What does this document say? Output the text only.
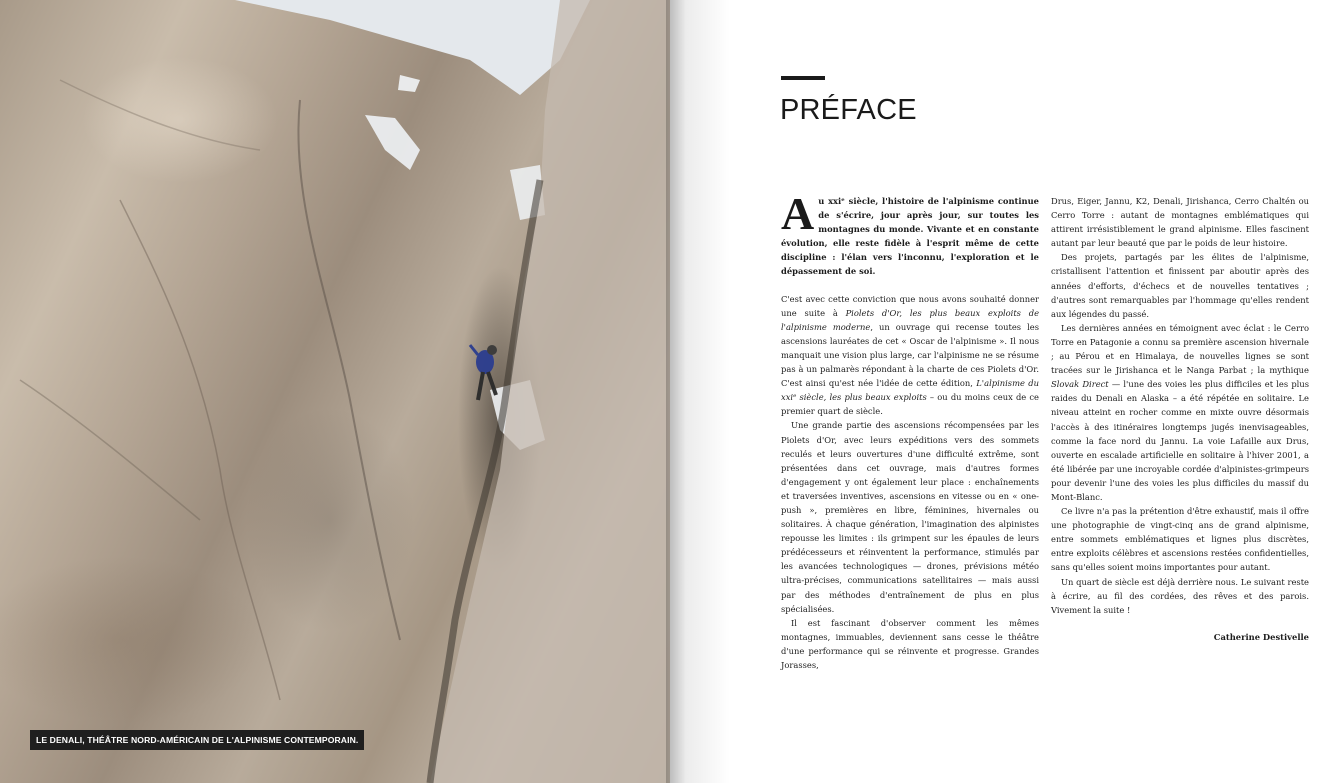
LE DENALI, THÉÂTRE NORD-AMÉRICAIN DE L'ALPINISME CONTEMPORAIN.
PRÉFACE

Au xxiᵉ siècle, l'histoire de l'alpinisme continue de s'écrire, jour après jour, sur toutes les montagnes du monde. Vivante et en constante évolution, elle reste fidèle à l'esprit même de cette discipline : l'élan vers l'inconnu, l'exploration et le dépassement de soi.

C'est avec cette conviction que nous avons souhaité donner une suite à Piolets d'Or, les plus beaux exploits de l'alpinisme moderne, un ouvrage qui recense toutes les ascensions lauréates de cet « Oscar de l'alpinisme ». Il nous manquait une vision plus large, car l'alpinisme ne se résume pas à un palmarès répondant à la charte de ces Piolets d'Or. C'est ainsi qu'est née l'idée de cette édition, L'alpinisme du xxiᵉ siècle, les plus beaux exploits – ou du moins ceux de ce premier quart de siècle.

Une grande partie des ascensions récompensées par les Piolets d'Or, avec leurs expéditions vers des sommets reculés et leurs ouvertures d'une difficulté extrême, sont présentées dans cet ouvrage, mais d'autres formes d'engagement y ont également leur place : enchaînements et traversées inventives, ascensions en vitesse ou en « one-push », premières en libre, féminines, hivernales ou solitaires. À chaque génération, l'imagination des alpinistes repousse les limites : ils grimpent sur les épaules de leurs prédécesseurs et réinventent la performance, stimulés par les avancées technologiques — drones, prévisions météo ultra-précises, communications satellitaires — mais aussi par des méthodes d'entraînement de plus en plus spécialisées.

Il est fascinant d'observer comment les mêmes montagnes, immuables, deviennent sans cesse le théâtre d'une performance qui se réinvente et progresse. Grandes Jorasses,

Drus, Eiger, Jannu, K2, Denali, Jirishanca, Cerro Chaltén ou Cerro Torre : autant de montagnes emblématiques qui attirent irrésistiblement le grand alpinisme. Elles fascinent autant par leur beauté que par le poids de leur histoire.

Des projets, partagés par les élites de l'alpinisme, cristallisent l'attention et finissent par aboutir après des années d'efforts, d'échecs et de nouvelles tentatives ; d'autres sont remarquables par l'hommage qu'elles rendent aux légendes du passé.

Les dernières années en témoignent avec éclat : le Cerro Torre en Patagonie a connu sa première ascension hivernale ; au Pérou et en Himalaya, de nouvelles lignes se sont tracées sur le Jirishanca et le Nanga Parbat ; la mythique Slovak Direct — l'une des voies les plus difficiles et les plus raides du Denali en Alaska – a été répétée en solitaire. Le niveau atteint en rocher comme en mixte ouvre désormais l'accès à des itinéraires longtemps jugés inenvisageables, comme la face nord du Jannu. La voie Lafaille aux Drus, ouverte en escalade artificielle en solitaire à l'hiver 2001, a été libérée par une incroyable cordée d'alpinistes-grimpeurs pour devenir l'une des voies les plus difficiles du massif du Mont-Blanc.

Ce livre n'a pas la prétention d'être exhaustif, mais il offre une photographie de vingt-cinq ans de grand alpinisme, entre sommets emblématiques et lignes plus discrètes, entre exploits célèbres et ascensions restées confidentielles, sans qu'elles soient moins importantes pour autant.

Un quart de siècle est déjà derrière nous. Le suivant reste à écrire, au fil des cordées, des rêves et des parois. Vivement la suite !

Catherine Destivelle
